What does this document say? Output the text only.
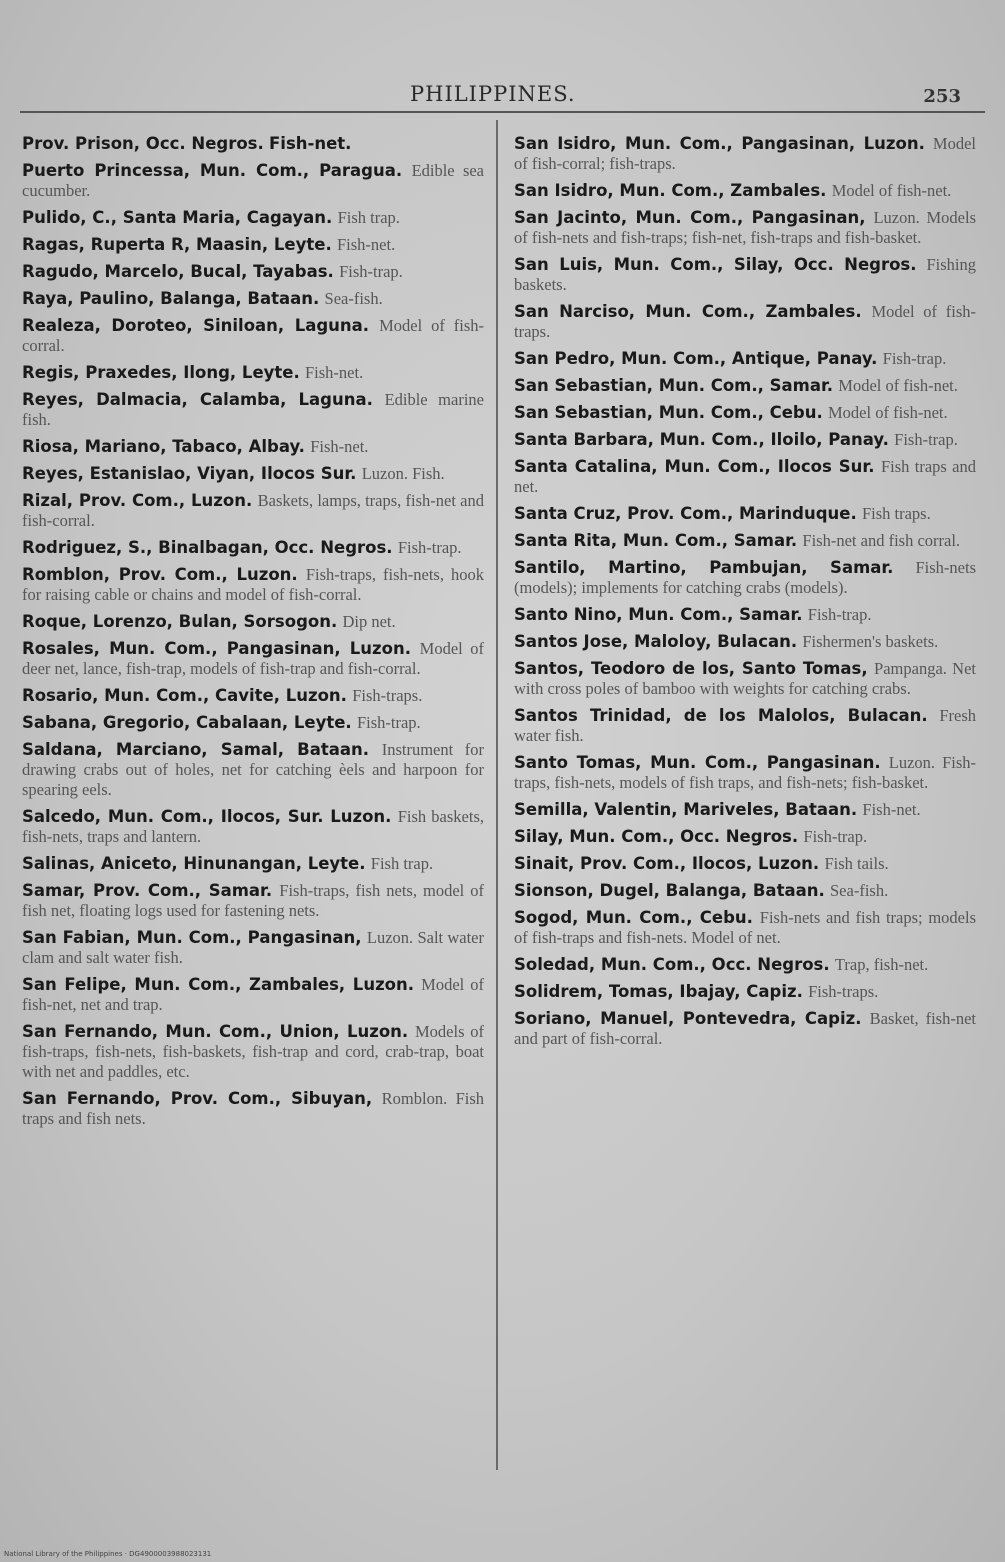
PHILIPPINES.	253

Prov. Prison, Occ. Negros. Fish-net.

Puerto Princessa, Mun. Com., Paragua. Edible sea cucumber.

Pulido, C., Santa Maria, Cagayan. Fish trap.

Ragas, Ruperta R, Maasin, Leyte. Fish-net.

Ragudo, Marcelo, Bucal, Tayabas. Fish-trap.

Raya, Paulino, Balanga, Bataan. Sea-fish.

Realeza, Doroteo, Siniloan, Laguna. Model of fish-corral.

Regis, Praxedes, Ilong, Leyte. Fish-net.

Reyes, Dalmacia, Calamba, Laguna. Edible marine fish.

Riosa, Mariano, Tabaco, Albay. Fish-net.

Reyes, Estanislao, Viyan, Ilocos Sur. Luzon. Fish.

Rizal, Prov. Com., Luzon. Baskets, lamps, traps, fish-net and fish-corral.

Rodriguez, S., Binalbagan, Occ. Negros. Fish-trap.

Romblon, Prov. Com., Luzon. Fish-traps, fish-nets, hook for raising cable or chains and model of fish-corral.

Roque, Lorenzo, Bulan, Sorsogon. Dip net.

Rosales, Mun. Com., Pangasinan, Luzon. Model of deer net, lance, fish-trap, models of fish-trap and fish-corral.

Rosario, Mun. Com., Cavite, Luzon. Fish-traps.

Sabana, Gregorio, Cabalaan, Leyte. Fish-trap.

Saldana, Marciano, Samal, Bataan. Instrument for drawing crabs out of holes, net for catching èels and harpoon for spearing eels.

Salcedo, Mun. Com., Ilocos, Sur. Luzon. Fish baskets, fish-nets, traps and lantern.

Salinas, Aniceto, Hinunangan, Leyte. Fish trap.

Samar, Prov. Com., Samar. Fish-traps, fish nets, model of fish net, floating logs used for fastening nets.

San Fabian, Mun. Com., Pangasinan, Luzon. Salt water clam and salt water fish.

San Felipe, Mun. Com., Zambales, Luzon. Model of fish-net, net and trap.

San Fernando, Mun. Com., Union, Luzon. Models of fish-traps, fish-nets, fish-baskets, fish-trap and cord, crab-trap, boat with net and paddles, etc.

San Fernando, Prov. Com., Sibuyan, Romblon. Fish traps and fish nets.

San Isidro, Mun. Com., Pangasinan, Luzon. Model of fish-corral; fish-traps.

San Isidro, Mun. Com., Zambales. Model of fish-net.

San Jacinto, Mun. Com., Pangasinan, Luzon. Models of fish-nets and fish-traps; fish-net, fish-traps and fish-basket.

San Luis, Mun. Com., Silay, Occ. Negros. Fishing baskets.

San Narciso, Mun. Com., Zambales. Model of fish-traps.

San Pedro, Mun. Com., Antique, Panay. Fish-trap.

San Sebastian, Mun. Com., Samar. Model of fish-net.

San Sebastian, Mun. Com., Cebu. Model of fish-net.

Santa Barbara, Mun. Com., Iloilo, Panay. Fish-trap.

Santa Catalina, Mun. Com., Ilocos Sur. Fish traps and net.

Santa Cruz, Prov. Com., Marinduque. Fish traps.

Santa Rita, Mun. Com., Samar. Fish-net and fish corral.

Santilo, Martino, Pambujan, Samar. Fish-nets (models); implements for catching crabs (models).

Santo Nino, Mun. Com., Samar. Fish-trap.

Santos Jose, Maloloy, Bulacan. Fishermen's baskets.

Santos, Teodoro de los, Santo Tomas, Pampanga. Net with cross poles of bamboo with weights for catching crabs.

Santos Trinidad, de los Malolos, Bulacan. Fresh water fish.

Santo Tomas, Mun. Com., Pangasinan. Luzon. Fish-traps, fish-nets, models of fish traps, and fish-nets; fish-basket.

Semilla, Valentin, Mariveles, Bataan. Fish-net.

Silay, Mun. Com., Occ. Negros. Fish-trap.

Sinait, Prov. Com., Ilocos, Luzon. Fish tails.

Sionson, Dugel, Balanga, Bataan. Sea-fish.

Sogod, Mun. Com., Cebu. Fish-nets and fish traps; models of fish-traps and fish-nets. Model of net.

Soledad, Mun. Com., Occ. Negros. Trap, fish-net.

Solidrem, Tomas, Ibajay, Capiz. Fish-traps.

Soriano, Manuel, Pontevedra, Capiz. Basket, fish-net and part of fish-corral.

National Library of the Philippines · DG4900003988023131
